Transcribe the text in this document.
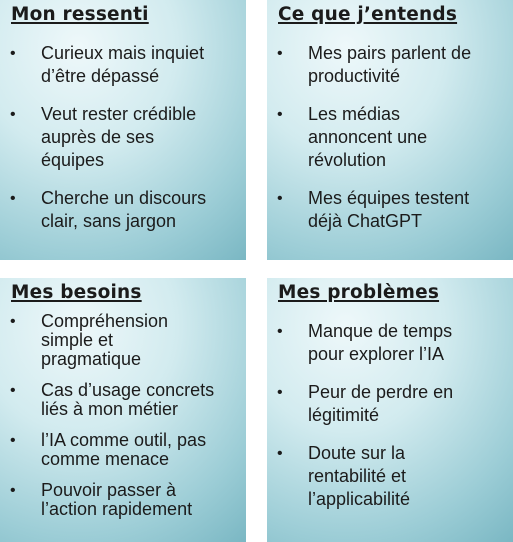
Mon ressenti
• Curieux mais inquiet
d’être dépassé
• Veut rester crédible
auprès de ses
équipes
• Cherche un discours
clair, sans jargon
Ce que j’entends
• Mes pairs parlent de
productivité
• Les médias
annoncent une
révolution
• Mes équipes testent
déjà ChatGPT
Mes besoins
• Compréhension
simple et
pragmatique
• Cas d’usage concrets
liés à mon métier
• l’IA comme outil, pas
comme menace
• Pouvoir passer à
l’action rapidement
Mes problèmes
• Manque de temps
pour explorer l’IA
• Peur de perdre en
légitimité
• Doute sur la
rentabilité et
l’applicabilité
